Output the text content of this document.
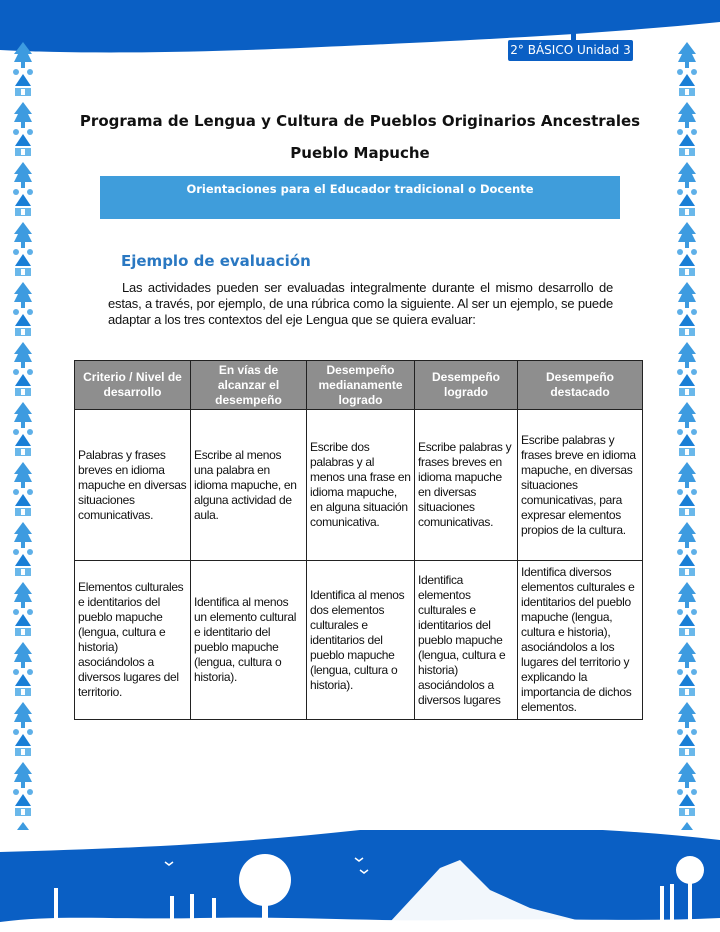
2° BÁSICO Unidad 3
Programa de Lengua y Cultura de Pueblos Originarios Ancestrales
Pueblo Mapuche
Orientaciones para el Educador tradicional o Docente
Ejemplo de evaluación
Las actividades pueden ser evaluadas integralmente durante el mismo desarrollo de estas, a través, por ejemplo, de una rúbrica como la siguiente. Al ser un ejemplo, se puede adaptar a los tres contextos del eje Lengua que se quiera evaluar:
Criterio / Nivel de desarrollo	En vías de alcanzar el desempeño	Desempeño medianamente logrado	Desempeño logrado	Desempeño destacado
Palabras y frases breves en idioma mapuche en diversas situaciones comunicativas.	Escribe al menos una palabra en idioma mapuche, en alguna actividad de aula.	Escribe dos palabras y al menos una frase en idioma mapuche, en alguna situación comunicativa.	Escribe palabras y frases breves en idioma mapuche en diversas situaciones comunicativas.	Escribe palabras y frases breve en idioma mapuche, en diversas situaciones comunicativas, para expresar elementos propios de la cultura.
Elementos culturales e identitarios del pueblo mapuche (lengua, cultura e historia) asociándolos a diversos lugares del territorio.	Identifica al menos un elemento cultural e identitario del pueblo mapuche (lengua, cultura o historia).	Identifica al menos dos elementos culturales e identitarios del pueblo mapuche (lengua, cultura o historia).	Identifica elementos culturales e identitarios del pueblo mapuche (lengua, cultura e historia) asociándolos a diversos lugares	Identifica diversos elementos culturales e identitarios del pueblo mapuche (lengua, cultura e historia), asociándolos a los lugares del territorio y explicando la importancia de dichos elementos.
